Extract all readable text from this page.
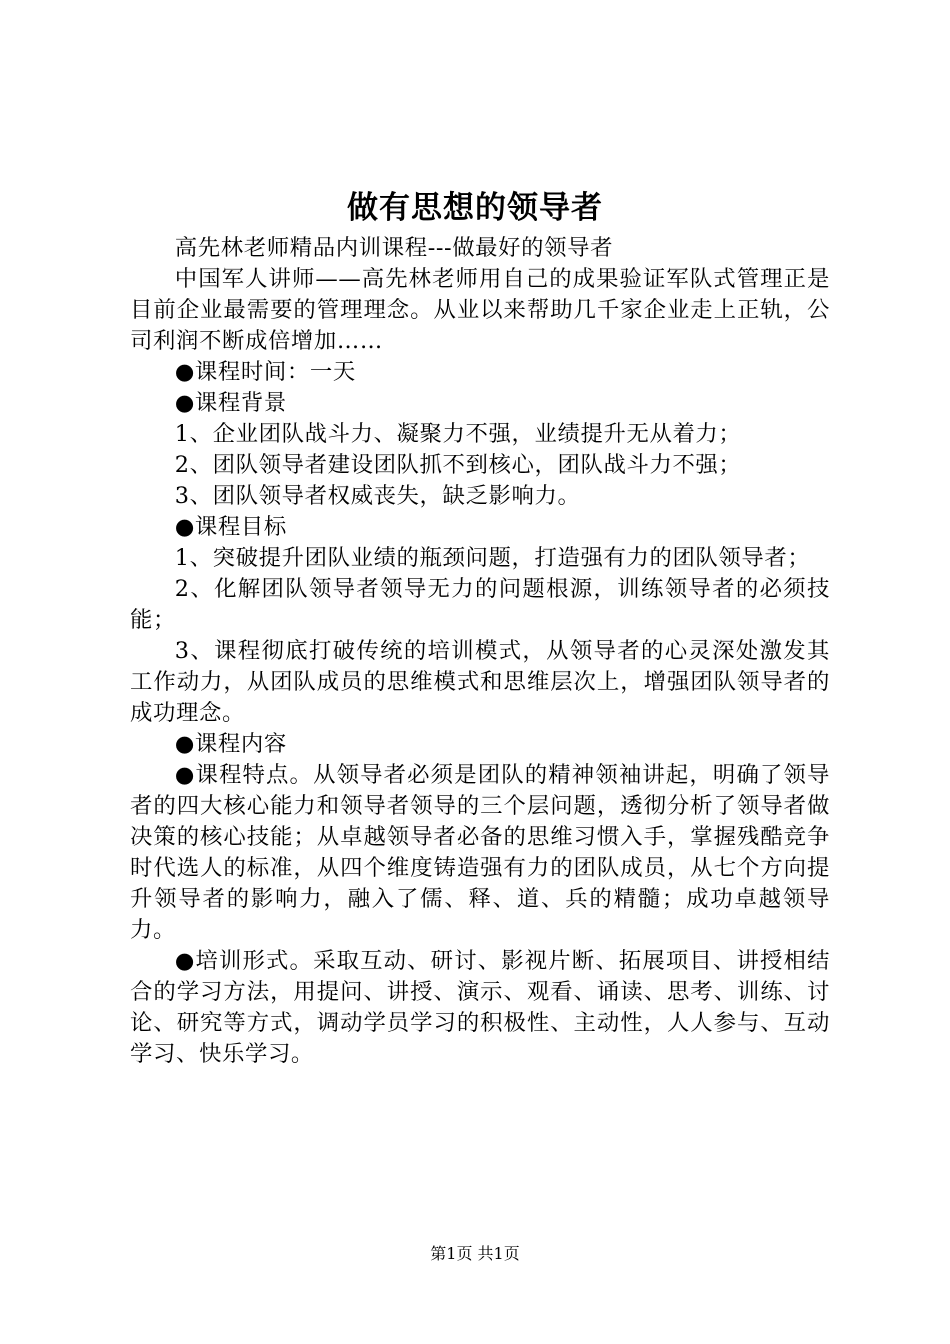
做有思想的领导者

高先林老师精品内训课程---做最好的领导者

中国军人讲师——高先林老师用自己的成果验证军队式管理正是目前企业最需要的管理理念。从业以来帮助几千家企业走上正轨，公司利润不断成倍增加……

●课程时间：一天

●课程背景

1、企业团队战斗力、凝聚力不强，业绩提升无从着力；

2、团队领导者建设团队抓不到核心，团队战斗力不强；

3、团队领导者权威丧失，缺乏影响力。

●课程目标

1、突破提升团队业绩的瓶颈问题，打造强有力的团队领导者；

2、化解团队领导者领导无力的问题根源，训练领导者的必须技能；

3、课程彻底打破传统的培训模式，从领导者的心灵深处激发其工作动力，从团队成员的思维模式和思维层次上，增强团队领导者的成功理念。

●课程内容

●课程特点。从领导者必须是团队的精神领袖讲起，明确了领导者的四大核心能力和领导者领导的三个层问题，透彻分析了领导者做决策的核心技能；从卓越领导者必备的思维习惯入手，掌握残酷竞争时代选人的标准，从四个维度铸造强有力的团队成员，从七个方向提升领导者的影响力，融入了儒、释、道、兵的精髓；成功卓越领导力。

●培训形式。采取互动、研讨、影视片断、拓展项目、讲授相结合的学习方法，用提问、讲授、演示、观看、诵读、思考、训练、讨论、研究等方式，调动学员学习的积极性、主动性，人人参与、互动学习、快乐学习。

第1页 共1页
